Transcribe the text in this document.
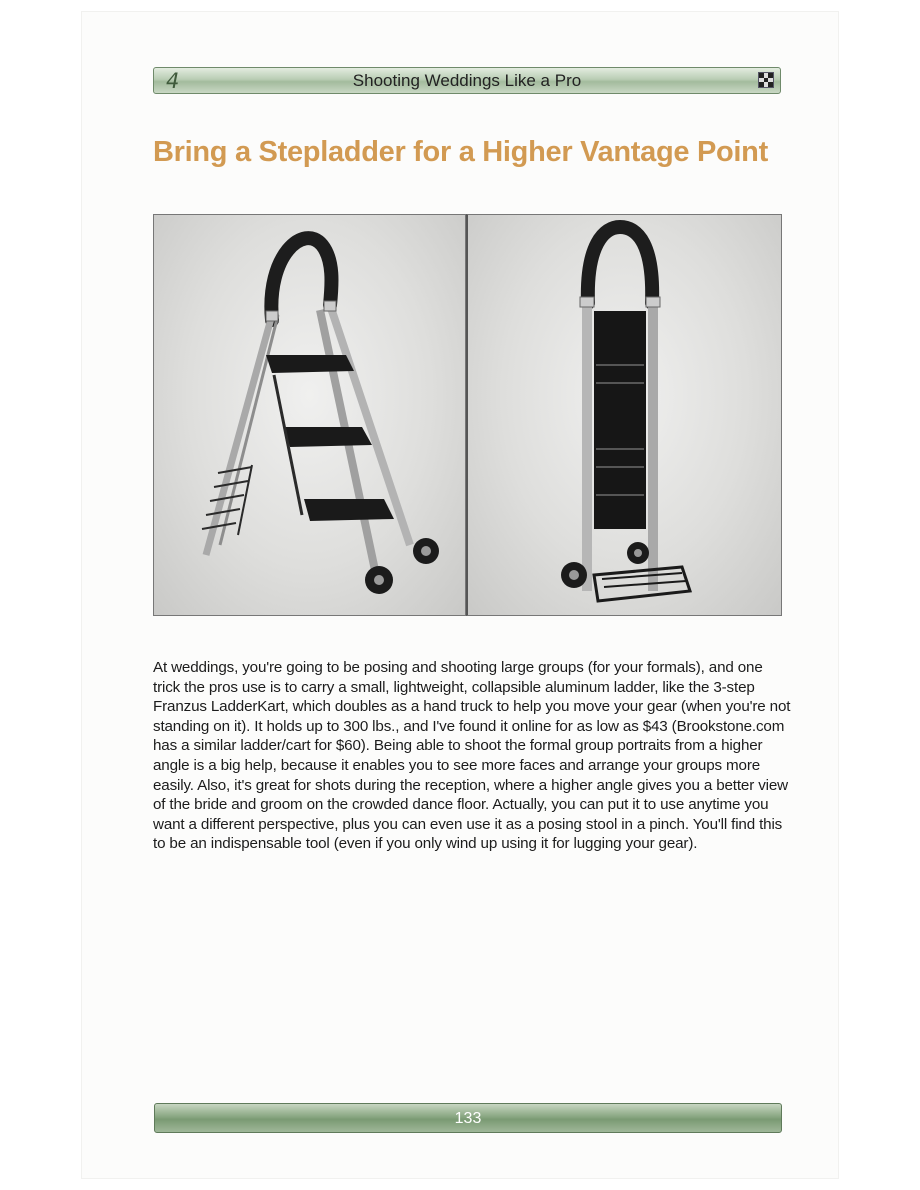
4	Shooting Weddings Like a Pro
Bring a Stepladder for a Higher Vantage Point

At weddings, you're going to be posing and shooting large groups (for your formals), and one trick the pros use is to carry a small, lightweight, collapsible aluminum ladder, like the 3-step Franzus LadderKart, which doubles as a hand truck to help you move your gear (when you're not standing on it). It holds up to 300 lbs., and I've found it online for as low as $43 (Brookstone.com has a similar ladder/cart for $60). Being able to shoot the formal group portraits from a higher angle is a big help, because it enables you to see more faces and arrange your groups more easily. Also, it's great for shots during the reception, where a higher angle gives you a better view of the bride and groom on the crowded dance floor. Actually, you can put it to use anytime you want a different perspective, plus you can even use it as a posing stool in a pinch. You'll find this to be an indispensable tool (even if you only wind up using it for lugging your gear).

133
